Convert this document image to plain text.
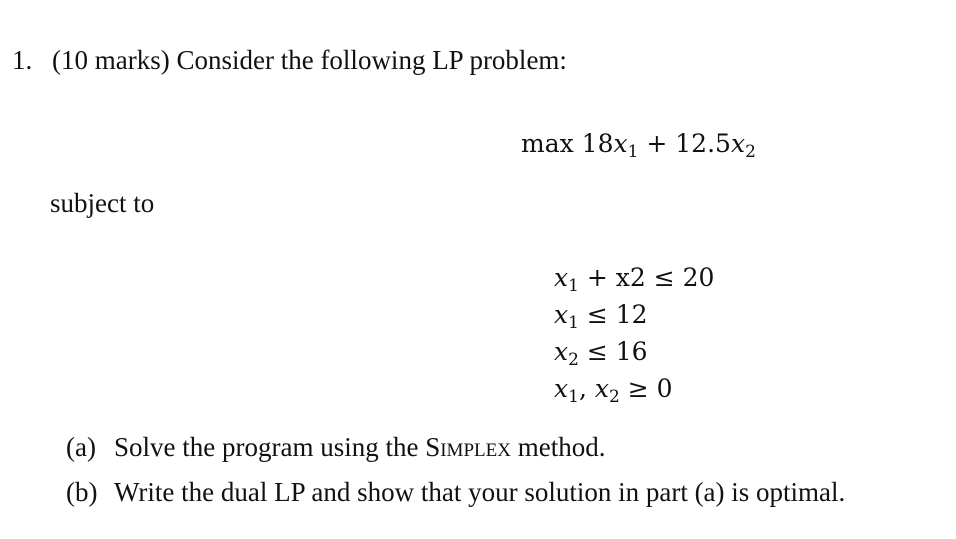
1. (10 marks) Consider the following LP problem:
$\max 18x_1 + 12.5x_2$
subject to
$x_1 + x2 \le 20$
$x_1 \le 12$
$x_2 \le 16$
$x_1$, $x_2 \ge 0$
(a) Solve the program using the Simplex method.
(b) Write the dual LP and show that your solution in part (a) is optimal.
